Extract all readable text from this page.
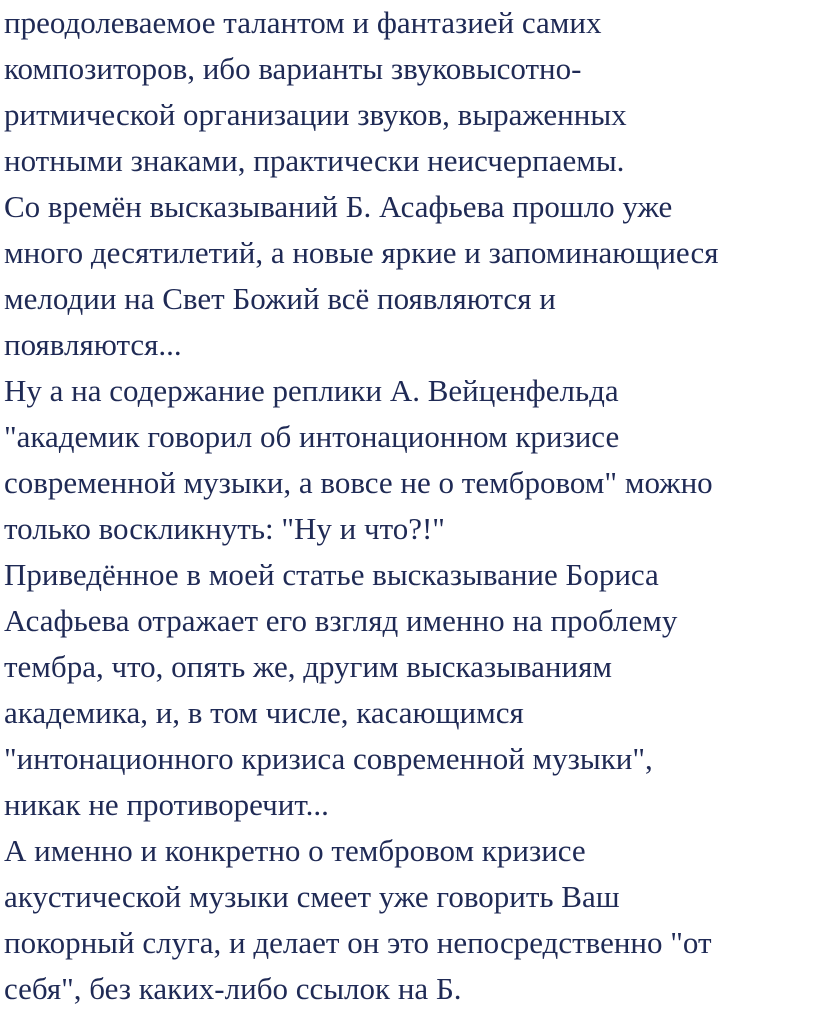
преодолеваемое талантом и фантазией самих
композиторов, ибо варианты звуковысотно-
ритмической организации звуков, выраженных
нотными знаками, практически неисчерпаемы.
Со времён высказываний Б. Асафьева прошло уже
много десятилетий, а новые яркие и запоминающиеся
мелодии на Свет Божий всё появляются и
появляются...
Ну а на содержание реплики А. Вейценфельда
"академик говорил об интонационном кризисе
современной музыки, а вовсе не о тембровом" можно
только воскликнуть: "Ну и что?!"
Приведённое в моей статье высказывание Бориса
Асафьева отражает его взгляд именно на проблему
тембра, что, опять же, другим высказываниям
академика, и, в том числе, касающимся
"интонационного кризиса современной музыки",
никак не противоречит...
А именно и конкретно о тембровом кризисе
акустической музыки смеет уже говорить Ваш
покорный слуга, и делает он это непосредственно "от
себя", без каких-либо ссылок на Б.
